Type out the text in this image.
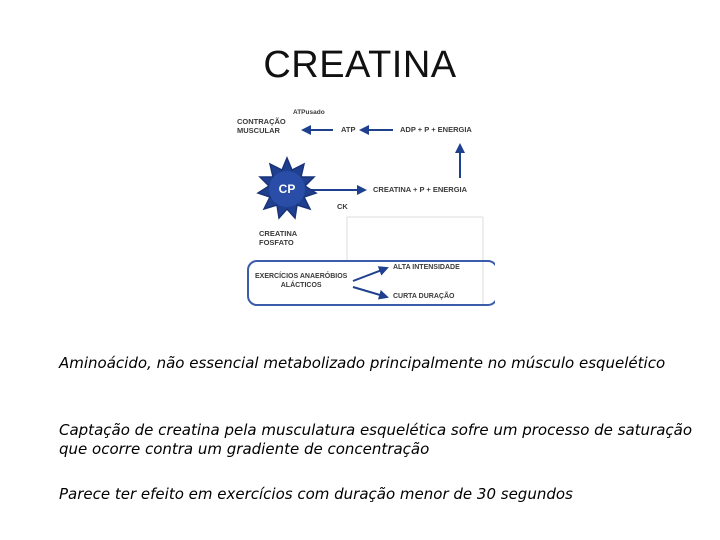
CREATINA
ATPusado
CONTRAÇÃO
MUSCULAR	ATP	ADP + P + ENERGIA
CP	CREATINA + P + ENERGIA
CK
CREATINA
FOSFATO
EXERCÍCIOS ANAERÓBIOS
ALÁCTICOS
ALTA INTENSIDADE
CURTA DURAÇÃO
Aminoácido, não essencial metabolizado principalmente no músculo esquelético
Captação de creatina pela musculatura esquelética sofre um processo de saturação que ocorre contra um gradiente de concentração
Parece ter efeito em exercícios com duração menor de 30 segundos
